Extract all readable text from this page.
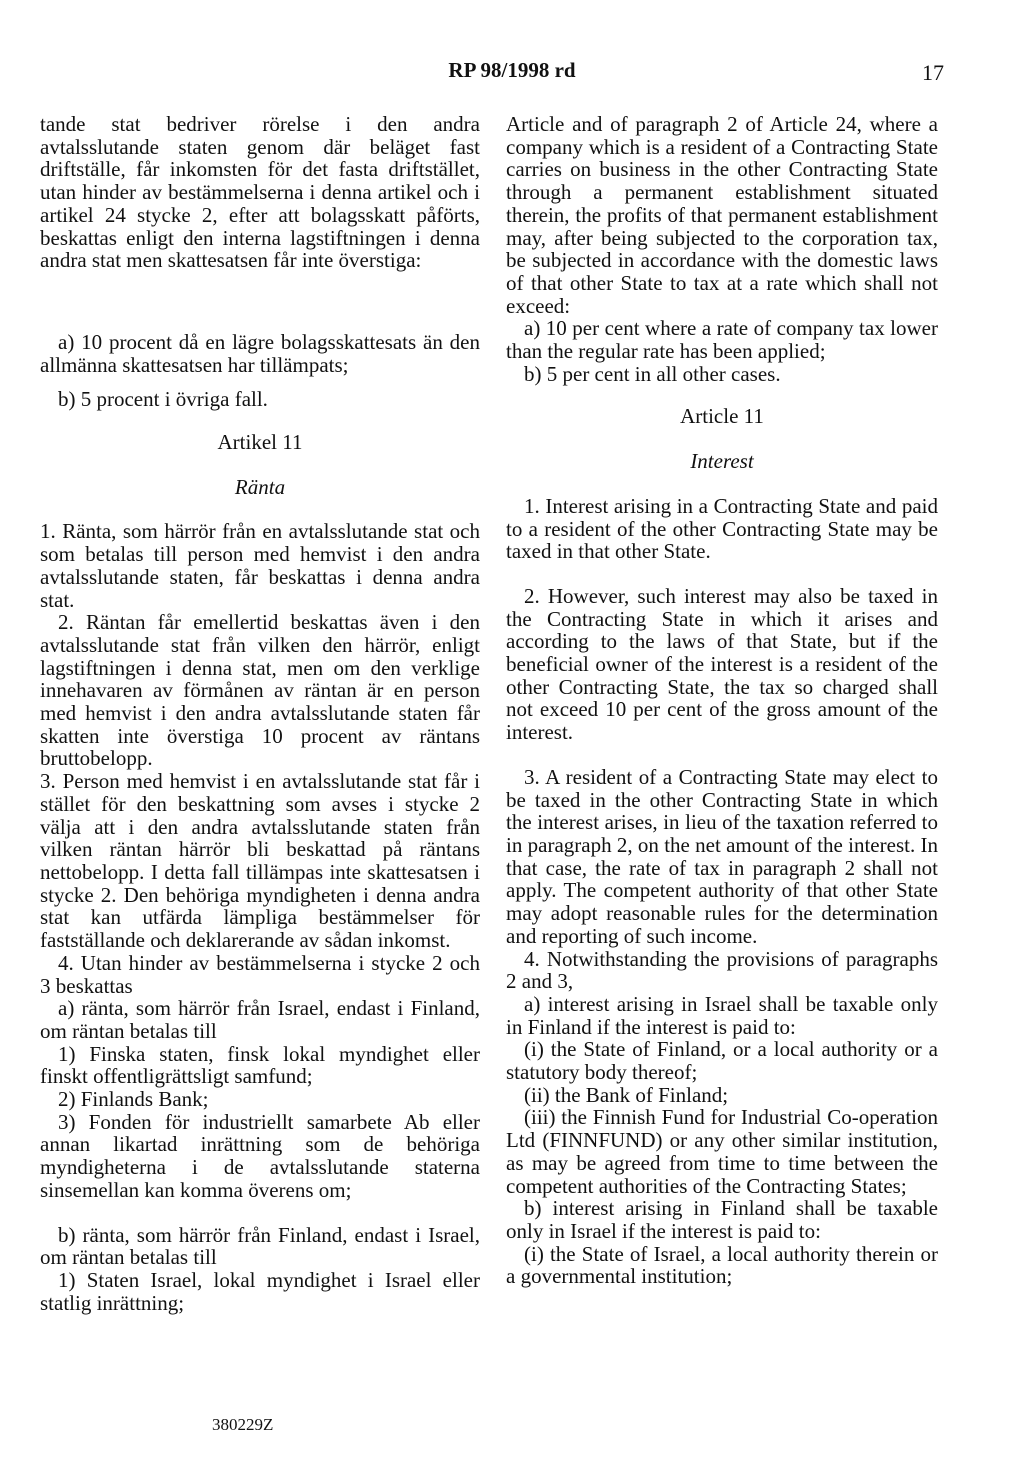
RP 98/1998 rd	17

tande stat bedriver rörelse i den andra avtalsslutande staten genom där beläget fast driftställe, får inkomsten för det fasta driftstället, utan hinder av bestämmelserna i denna artikel och i artikel 24 stycke 2, efter att bolagsskatt påförts, beskattas enligt den interna lagstiftningen i denna andra stat men skattesatsen får inte överstiga:

a) 10 procent då en lägre bolagsskattesats än den allmänna skattesatsen har tillämpats;

b) 5 procent i övriga fall.

Artikel 11

Ränta

1. Ränta, som härrör från en avtalsslutande stat och som betalas till person med hemvist i den andra avtalsslutande staten, får beskattas i denna andra stat.

2. Räntan får emellertid beskattas även i den avtalsslutande stat från vilken den härrör, enligt lagstiftningen i denna stat, men om den verklige innehavaren av förmånen av räntan är en person med hemvist i den andra avtalsslutande staten får skatten inte överstiga 10 procent av räntans bruttobelopp.

3. Person med hemvist i en avtalsslutande stat får i stället för den beskattning som avses i stycke 2 välja att i den andra avtalsslutande staten från vilken räntan härrör bli beskattad på räntans nettobelopp. I detta fall tillämpas inte skattesatsen i stycke 2. Den behöriga myndigheten i denna andra stat kan utfärda lämpliga bestämmelser för fastställande och deklarerande av sådan inkomst.

4. Utan hinder av bestämmelserna i stycke 2 och 3 beskattas

a) ränta, som härrör från Israel, endast i Finland, om räntan betalas till

1) Finska staten, finsk lokal myndighet eller finskt offentligrättsligt samfund;

2) Finlands Bank;

3) Fonden för industriellt samarbete Ab eller annan likartad inrättning som de behöriga myndigheterna i de avtalsslutande staterna sinsemellan kan komma överens om;

b) ränta, som härrör från Finland, endast i Israel, om räntan betalas till

1) Staten Israel, lokal myndighet i Israel eller statlig inrättning;

Article and of paragraph 2 of Article 24, where a company which is a resident of a Contracting State carries on business in the other Contracting State through a permanent establishment situated therein, the profits of that permanent establishment may, after being subjected to the corporation tax, be subjected in accordance with the domestic laws of that other State to tax at a rate which shall not exceed:

a) 10 per cent where a rate of company tax lower than the regular rate has been applied;

b) 5 per cent in all other cases.

Article 11

Interest

1. Interest arising in a Contracting State and paid to a resident of the other Contracting State may be taxed in that other State.

2. However, such interest may also be taxed in the Contracting State in which it arises and according to the laws of that State, but if the beneficial owner of the interest is a resident of the other Contracting State, the tax so charged shall not exceed 10 per cent of the gross amount of the interest.

3. A resident of a Contracting State may elect to be taxed in the other Contracting State in which the interest arises, in lieu of the taxation referred to in paragraph 2, on the net amount of the interest. In that case, the rate of tax in paragraph 2 shall not apply. The competent authority of that other State may adopt reasonable rules for the determination and reporting of such income.

4. Notwithstanding the provisions of paragraphs 2 and 3,

a) interest arising in Israel shall be taxable only in Finland if the interest is paid to:

(i) the State of Finland, or a local authority or a statutory body thereof;

(ii) the Bank of Finland;

(iii) the Finnish Fund for Industrial Co-operation Ltd (FINNFUND) or any other similar institution, as may be agreed from time to time between the competent authorities of the Contracting States;

b) interest arising in Finland shall be taxable only in Israel if the interest is paid to:

(i) the State of Israel, a local authority therein or a governmental institution;

380229Z
